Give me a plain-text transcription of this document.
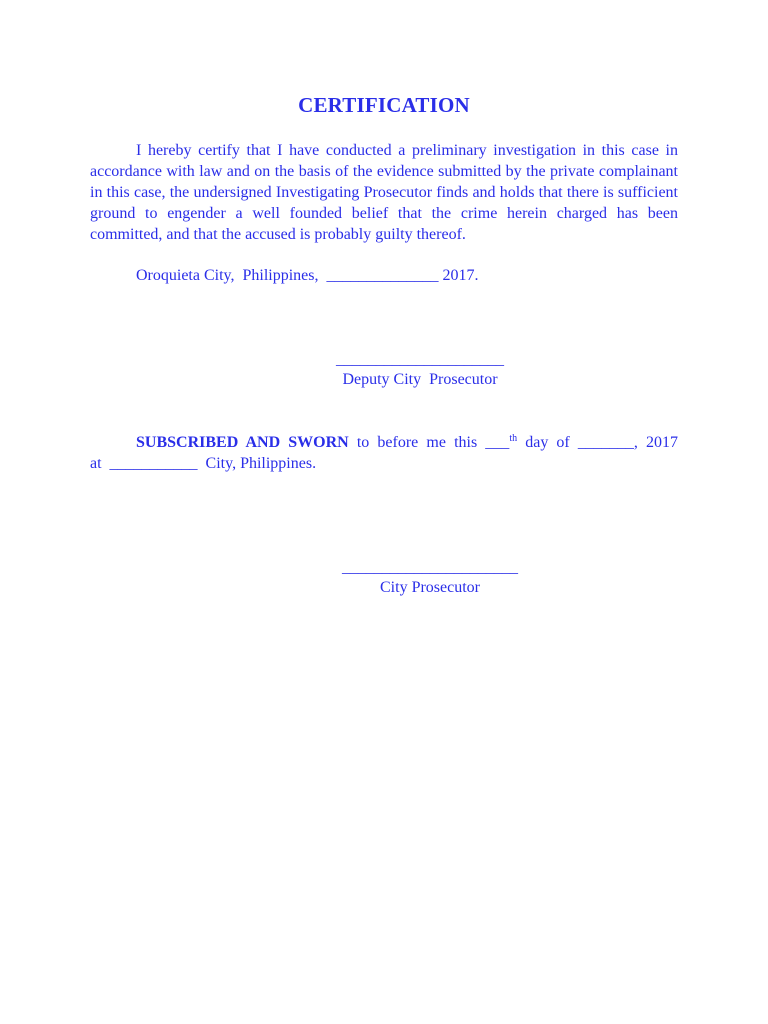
CERTIFICATION
I hereby certify that I have conducted a preliminary investigation in this case in accordance with law and on the basis of the evidence submitted by the private complainant in this case, the undersigned Investigating Prosecutor finds and holds that there is sufficient ground to engender a well founded belief that the crime herein charged has been committed, and that the accused is probably guilty thereof.
Oroquieta City,  Philippines,  ______________ 2017.
_____________________
Deputy City  Prosecutor
SUBSCRIBED AND SWORN to before me this ___$^{th}$ day of _______, 2017
at  ___________  City, Philippines.
______________________
City Prosecutor
